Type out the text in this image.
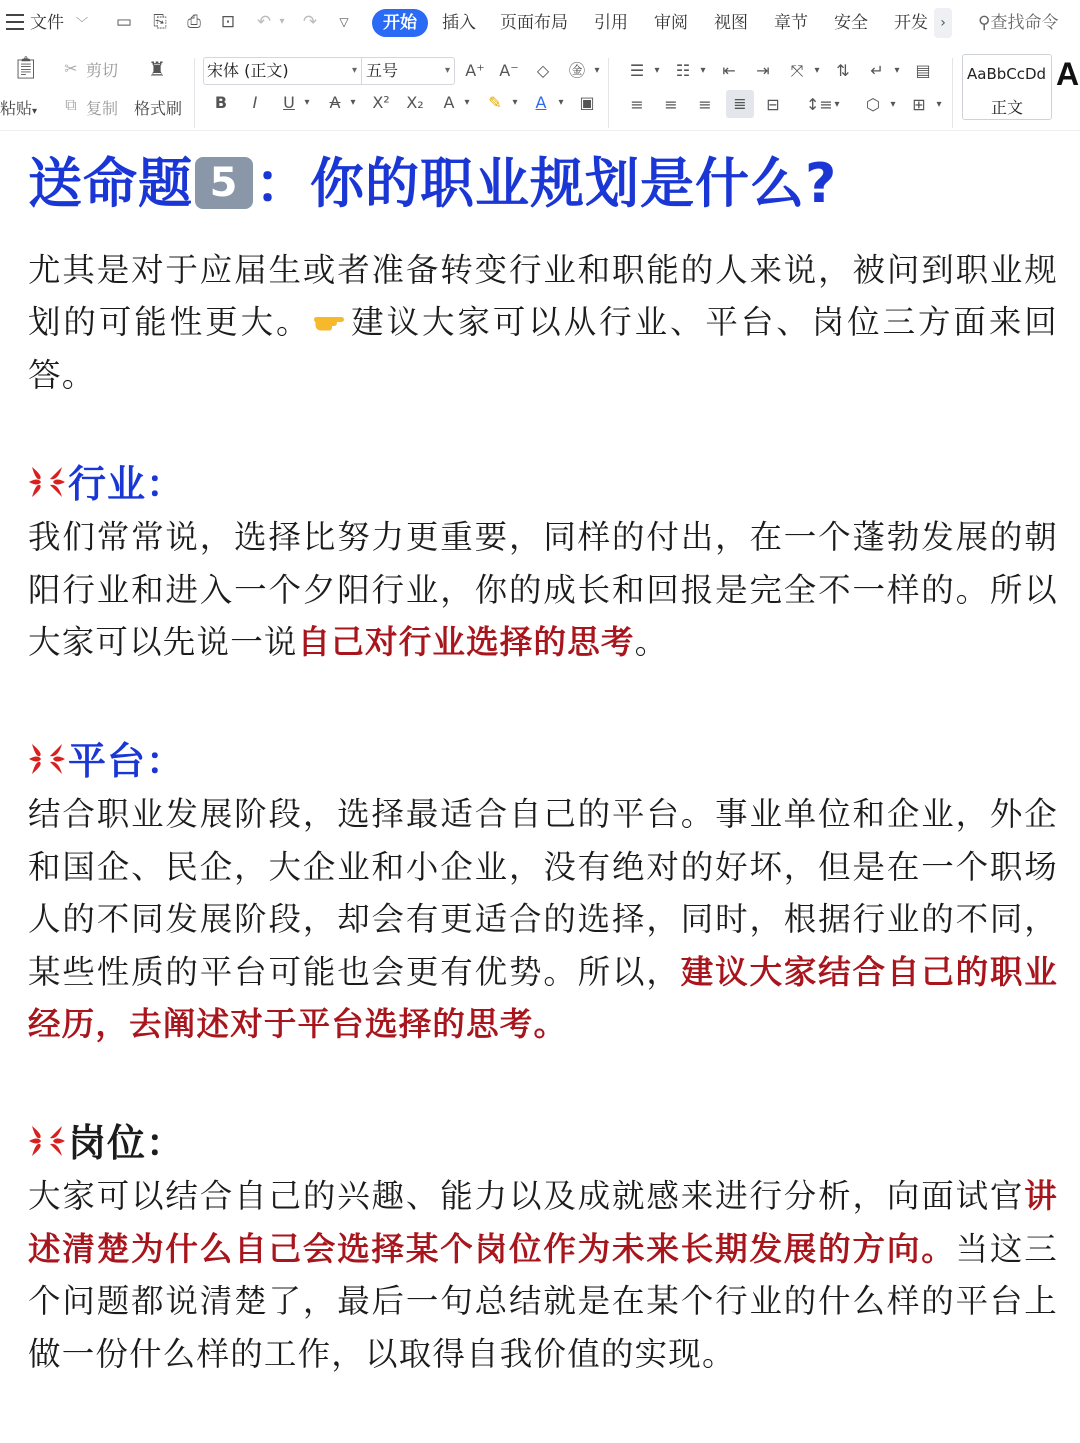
文件 ﹀ ▭ ⎘ ⎙ ⊡ ↶ ▾	↷	▽	开始	插入 页面布局 引用 审阅 视图 章节 安全 开发 ›	⚲查找命令
📋︎
粘贴▾
✂ 剪切
⧉ 复制
♜
格式刷
宋体 (正文)	▾ 五号	▾ A⁺ A⁻	◇	㊎ ▾
B	I	U ▾	A	▾	X² X₂	A	▾	✎	▾	A	▾ ▣
☰	▾	☷	▾	⇤ ⇥ ⤧	▾	⇅ ↵	▾ ▤
≡ ≡ ≡	≣	⊟ ↕≡ ▾	⬡	▾	⊞	▾
AaBbCcDd
正文
A
送命题 5 ：你的职业规划是什么?

尤其是对于应届生或者准备转变行业和职能的人来说，被问到职业规划的可能性更大。 建议大家可以从行业、平台、岗位三方面来回答。

行业：

我们常常说，选择比努力更重要，同样的付出，在一个蓬勃发展的朝阳行业和进入一个夕阳行业，你的成长和回报是完全不一样的。所以大家可以先说一说自己对行业选择的思考。

平台：

结合职业发展阶段，选择最适合自己的平台。事业单位和企业，外企和国企、民企，大企业和小企业，没有绝对的好坏，但是在一个职场人的不同发展阶段，却会有更适合的选择，同时，根据行业的不同，某些性质的平台可能也会更有优势。所以，建议大家结合自己的职业经历，去阐述对于平台选择的思考。

岗位：

大家可以结合自己的兴趣、能力以及成就感来进行分析，向面试官讲述清楚为什么自己会选择某个岗位作为未来长期发展的方向。当这三个问题都说清楚了，最后一句总结就是在某个行业的什么样的平台上做一份什么样的工作，以取得自我价值的实现。
